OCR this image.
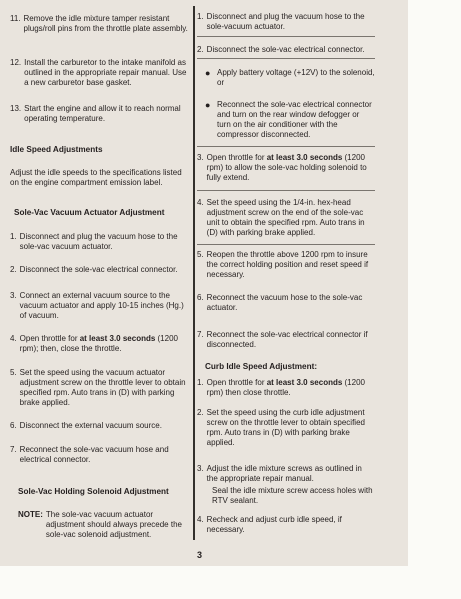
11. Remove the idle mixture tamper resistant plugs/roll pins from the throttle plate assembly.
12. Install the carburetor to the intake manifold as outlined in the appropriate repair manual. Use a new carburetor base gasket.
13. Start the engine and allow it to reach normal operating temperature.
Idle Speed Adjustments
Adjust the idle speeds to the specifications listed on the engine compartment emission label.
Sole-Vac Vacuum Actuator Adjustment
1. Disconnect and plug the vacuum hose to the sole-vac vacuum actuator.
2. Disconnect the sole-vac electrical connector.
3. Connect an external vacuum source to the vacuum actuator and apply 10-15 inches (Hg.) of vacuum.
4. Open throttle for at least 3.0 seconds (1200 rpm); then, close the throttle.
5. Set the speed using the vacuum actuator adjustment screw on the throttle lever to obtain specified rpm. Auto trans in (D) with parking brake applied.
6. Disconnect the external vacuum source.
7. Reconnect the sole-vac vacuum hose and electrical connector.
Sole-Vac Holding Solenoid Adjustment
NOTE: The sole-vac vacuum actuator adjustment should always precede the sole-vac solenoid adjustment.
1. Disconnect and plug the vacuum hose to the sole-vacuum actuator.
2. Disconnect the sole-vac electrical connector.
● Apply battery voltage (+12V) to the solenoid, or
● Reconnect the sole-vac electrical connector and turn on the rear window defogger or turn on the air conditioner with the compressor disconnected.
3. Open throttle for at least 3.0 seconds (1200 rpm) to allow the sole-vac holding solenoid to fully extend.
4. Set the speed using the 1/4-in. hex-head adjustment screw on the end of the sole-vac unit to obtain the specified rpm. Auto trans in (D) with parking brake applied.
5. Reopen the throttle above 1200 rpm to insure the correct holding position and reset speed if necessary.
6. Reconnect the vacuum hose to the sole-vac actuator.
7. Reconnect the sole-vac electrical connector if disconnected.
Curb Idle Speed Adjustment:
1. Open throttle for at least 3.0 seconds (1200 rpm) then close throttle.
2. Set the speed using the curb idle adjustment screw on the throttle lever to obtain specified rpm. Auto trans in (D) with parking brake applied.
3. Adjust the idle mixture screws as outlined in the appropriate repair manual.
Seal the idle mixture screw access holes with RTV sealant.
4. Recheck and adjust curb idle speed, if necessary.
3
